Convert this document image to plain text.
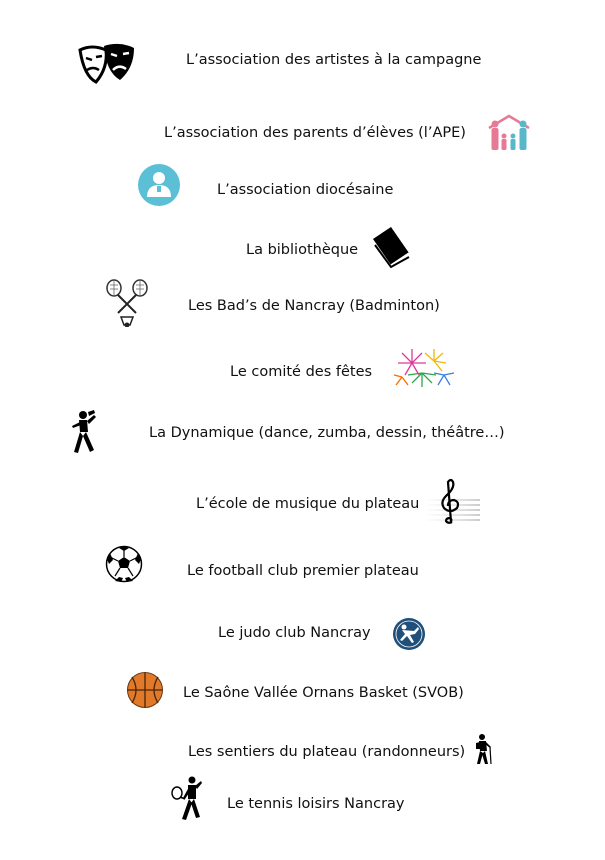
L’association des artistes à la campagne
L’association des parents d’élèves (l’APE)
L’association diocésaine
La bibliothèque
Les Bad’s de Nancray (Badminton)
Le comité des fêtes
La Dynamique (dance, zumba, dessin, théâtre…)
L’école de musique du plateau
Le football club premier plateau
Le judo club Nancray
Le Saône Vallée Ornans Basket (SVOB)
Les sentiers du plateau (randonneurs)
Le tennis loisirs Nancray
